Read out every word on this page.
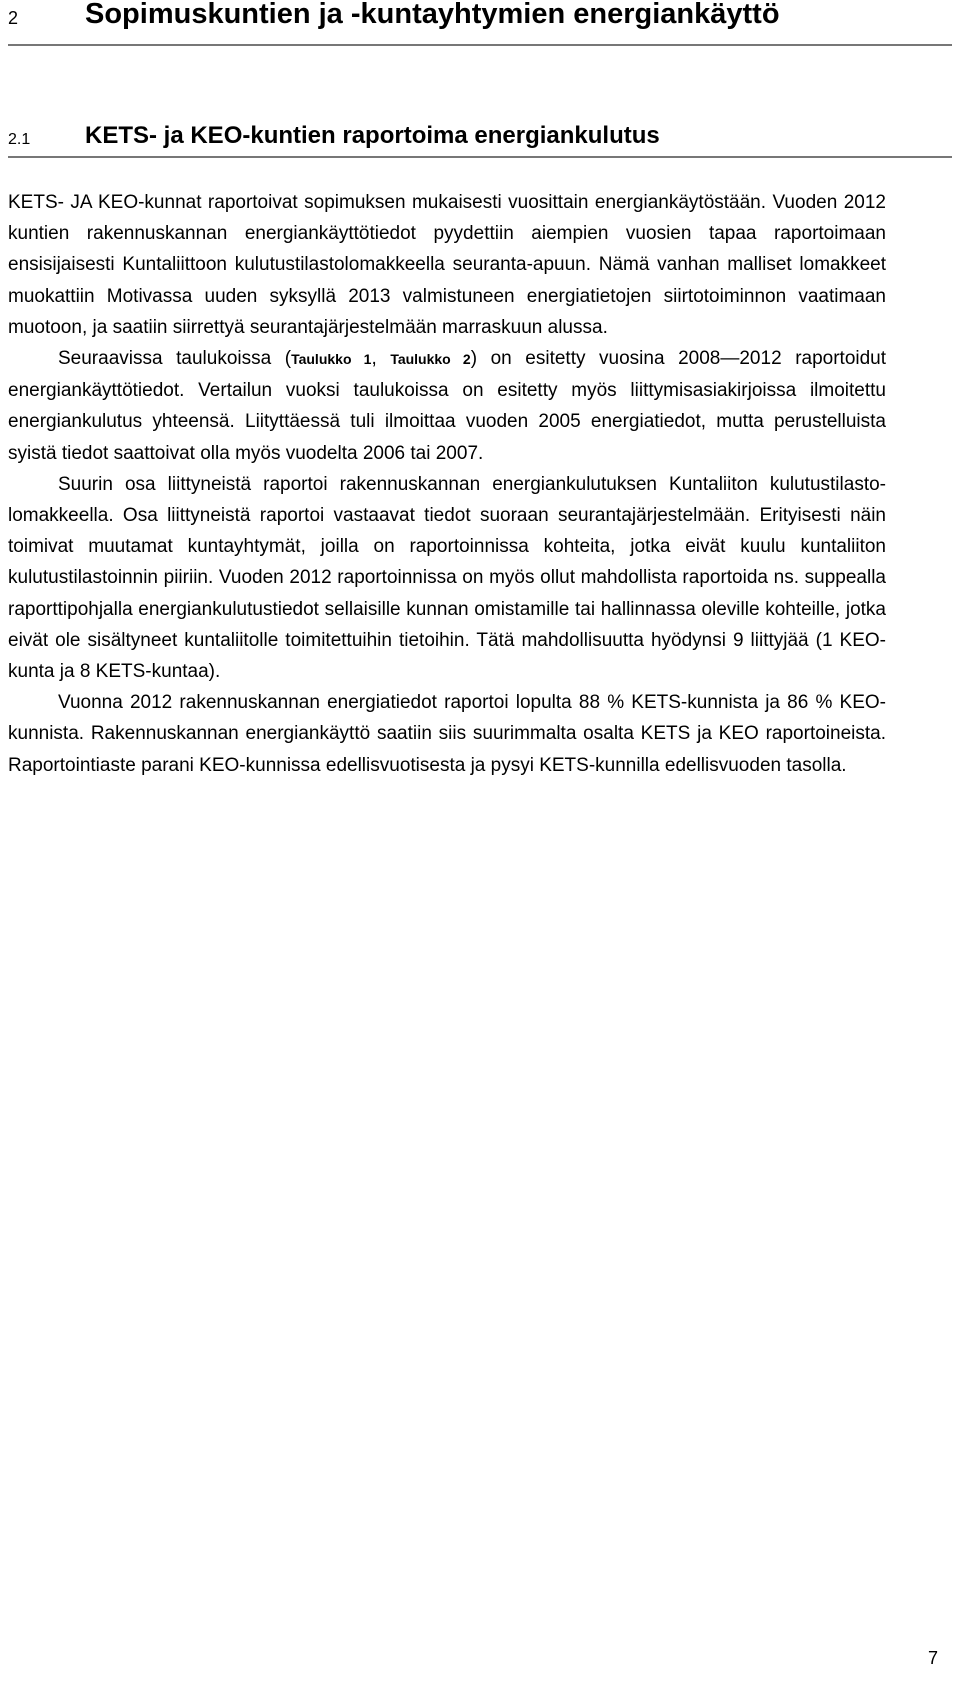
2 Sopimuskuntien ja -kuntayhtymien energiankäyttö
2.1 KETS- ja KEO-kuntien raportoima energiankulutus

KETS- JA KEO-kunnat raportoivat sopimuksen mukaisesti vuosittain energiankäytöstään. Vuoden 2012 kuntien rakennuskannan energiankäyttötiedot pyydettiin aiempien vuosien tapaa raportoimaan ensisijaisesti Kuntaliittoon kulutustilastolomakkeella seuranta-apuun. Nämä vanhan malliset lomakkeet muokattiin Motivassa uuden syksyllä 2013 valmistuneen energiatietojen siirtotoiminnon vaatimaan muotoon, ja saatiin siirrettyä seurantajärjestelmään marraskuun alussa.

Seuraavissa taulukoissa (Taulukko 1, Taulukko 2) on esitetty vuosina 2008—2012 raportoidut energiankäyttötiedot. Vertailun vuoksi taulukoissa on esitetty myös liittymisasiakirjoissa ilmoitettu energiankulutus yhteensä. Liityttäessä tuli ilmoittaa vuoden 2005 energiatiedot, mutta perustelluista syistä tiedot saattoivat olla myös vuodelta 2006 tai 2007.

Suurin osa liittyneistä raportoi rakennuskannan energiankulutuksen Kuntaliiton kulutustilasto-lomakkeella. Osa liittyneistä raportoi vastaavat tiedot suoraan seurantajärjestelmään. Erityisesti näin toimivat muutamat kuntayhtymät, joilla on raportoinnissa kohteita, jotka eivät kuulu kuntaliiton kulutustilastoinnin piiriin. Vuoden 2012 raportoinnissa on myös ollut mahdollista raportoida ns. suppealla raporttipohjalla energiankulutustiedot sellaisille kunnan omistamille tai hallinnassa oleville kohteille, jotka eivät ole sisältyneet kuntaliitolle toimitettuihin tietoihin. Tätä mahdollisuutta hyödynsi 9 liittyjää (1 KEO-kunta ja 8 KETS-kuntaa).

Vuonna 2012 rakennuskannan energiatiedot raportoi lopulta 88 % KETS-kunnista ja 86 % KEO-kunnista. Rakennuskannan energiankäyttö saatiin siis suurimmalta osalta KETS ja KEO raportoineista. Raportointiaste parani KEO-kunnissa edellisvuotisesta ja pysyi KETS-kunnilla edellisvuoden tasolla.

7
